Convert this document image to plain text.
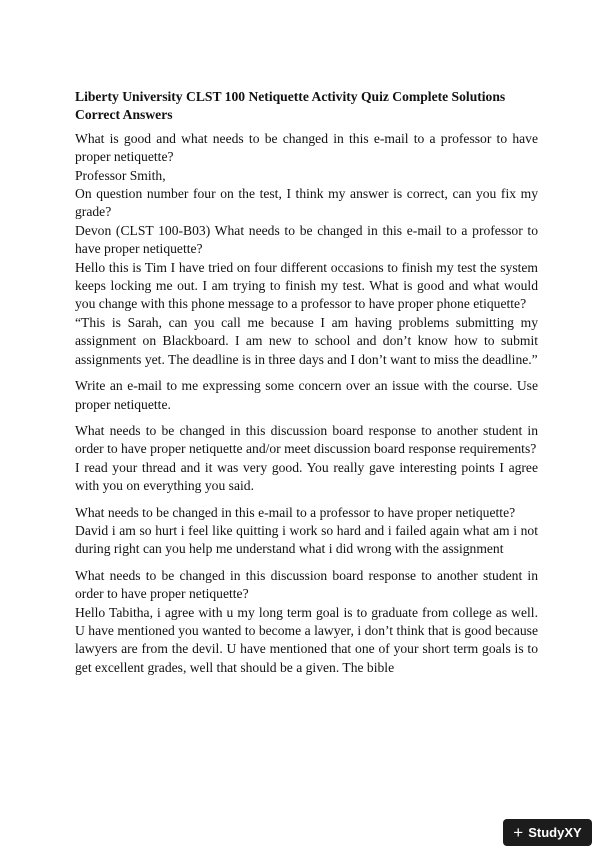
Liberty University CLST 100 Netiquette Activity Quiz Complete Solutions Correct Answers

What is good and what needs to be changed in this e-mail to a professor to have proper netiquette?

Professor Smith,

On question number four on the test, I think my answer is correct, can you fix my grade?

Devon (CLST 100-B03) What needs to be changed in this e-mail to a professor to have proper netiquette?

Hello this is Tim I have tried on four different occasions to finish my test the system keeps locking me out. I am trying to finish my test. What is good and what would you change with this phone message to a professor to have proper phone etiquette?

“This is Sarah, can you call me because I am having problems submitting my assignment on Blackboard. I am new to school and don’t know how to submit assignments yet. The deadline is in three days and I don’t want to miss the deadline.”

Write an e-mail to me expressing some concern over an issue with the course. Use proper netiquette.

What needs to be changed in this discussion board response to another student in order to have proper netiquette and/or meet discussion board response requirements?

I read your thread and it was very good. You really gave interesting points I agree with you on everything you said.

What needs to be changed in this e-mail to a professor to have proper netiquette?

David i am so hurt i feel like quitting i work so hard and i failed again what am i not during right can you help me understand what i did wrong with the assignment

What needs to be changed in this discussion board response to another student in order to have proper netiquette?

Hello Tabitha, i agree with u my long term goal is to graduate from college as well. U have mentioned you wanted to become a lawyer, i don’t think that is good because lawyers are from the devil. U have mentioned that one of your short term goals is to get excellent grades, well that should be a given. The bible

+ StudyXY
